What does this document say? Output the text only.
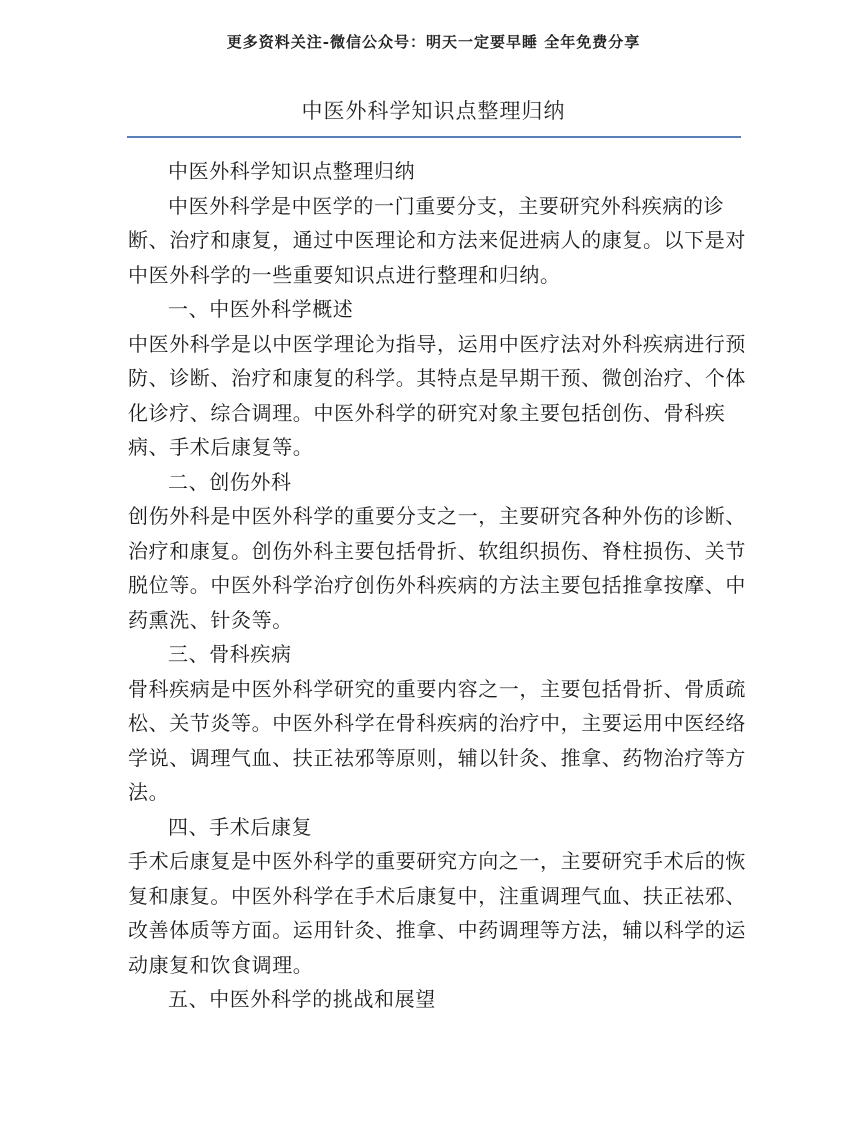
更多资料关注-微信公众号：明天一定要早睡 全年免费分享
中医外科学知识点整理归纳

中医外科学知识点整理归纳

中医外科学是中医学的一门重要分支，主要研究外科疾病的诊断、治疗和康复，通过中医理论和方法来促进病人的康复。以下是对中医外科学的一些重要知识点进行整理和归纳。

一、中医外科学概述

中医外科学是以中医学理论为指导，运用中医疗法对外科疾病进行预防、诊断、治疗和康复的科学。其特点是早期干预、微创治疗、个体化诊疗、综合调理。中医外科学的研究对象主要包括创伤、骨科疾病、手术后康复等。

二、创伤外科

创伤外科是中医外科学的重要分支之一，主要研究各种外伤的诊断、治疗和康复。创伤外科主要包括骨折、软组织损伤、脊柱损伤、关节脱位等。中医外科学治疗创伤外科疾病的方法主要包括推拿按摩、中药熏洗、针灸等。

三、骨科疾病

骨科疾病是中医外科学研究的重要内容之一，主要包括骨折、骨质疏松、关节炎等。中医外科学在骨科疾病的治疗中，主要运用中医经络学说、调理气血、扶正祛邪等原则，辅以针灸、推拿、药物治疗等方法。

四、手术后康复

手术后康复是中医外科学的重要研究方向之一，主要研究手术后的恢复和康复。中医外科学在手术后康复中，注重调理气血、扶正祛邪、改善体质等方面。运用针灸、推拿、中药调理等方法，辅以科学的运动康复和饮食调理。

五、中医外科学的挑战和展望
